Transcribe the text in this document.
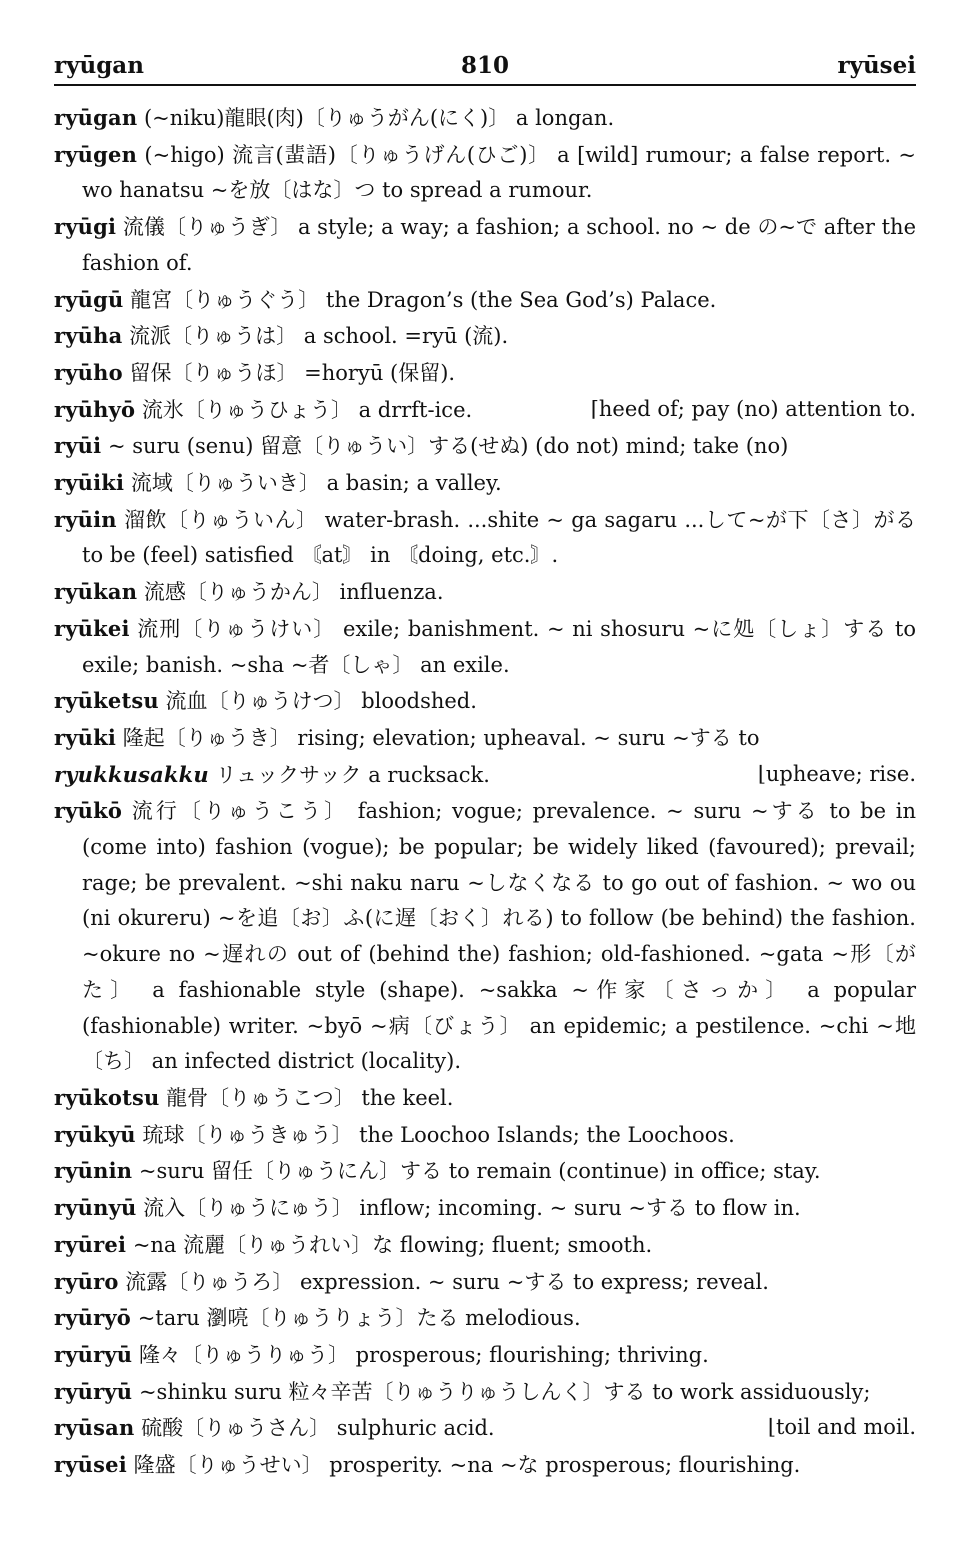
ryūgan	810	ryūsei

ryūgan (~niku)龍眼(肉)〔りゅうがん(にく)〕 a longan.

ryūgen (~higo) 流言(蜚語)〔りゅうげん(ひご)〕 a [wild] rumour; a false report. ~ wo hanatsu ~を放〔はな〕つ to spread a rumour.

ryūgi 流儀〔りゅうぎ〕 a style; a way; a fashion; a school. no ~ de の~で after the fashion of.

ryūgū 龍宮〔りゅうぐう〕 the Dragon’s (the Sea God’s) Palace.

ryūha 流派〔りゅうは〕 a school. =ryū (流).

ryūho 留保〔りゅうほ〕 =horyū (保留).

⌈heed of; pay (no) attention to.
ryūhyō 流氷〔りゅうひょう〕 a drrft-ice.

ryūi ~ suru (senu) 留意〔りゅうい〕する(せぬ) (do not) mind; take (no)

ryūiki 流域〔りゅういき〕 a basin; a valley.

ryūin 溜飲〔りゅういん〕 water-brash. ...shite ~ ga sagaru ...して~が下〔さ〕がる to be (feel) satisfied 〘at〙 in 〘doing, etc.〙.

ryūkan 流感〔りゅうかん〕 influenza.

ryūkei 流刑〔りゅうけい〕 exile; banishment. ~ ni shosuru ~に処〔しょ〕する to exile; banish. ~sha ~者〔しゃ〕 an exile.

ryūketsu 流血〔りゅうけつ〕 bloodshed.

ryūki 隆起〔りゅうき〕 rising; elevation; upheaval. ~ suru ~する to

⌊upheave; rise.
ryukkusakku リュックサック a rucksack.

ryūkō 流行〔りゅうこう〕 fashion; vogue; prevalence. ~ suru ~する to be in (come into) fashion (vogue); be popular; be widely liked (favoured); prevail; rage; be prevalent. ~shi naku naru ~しなくなる to go out of fashion. ~ wo ou (ni okureru) ~を追〔お〕ふ(に遅〔おく〕れる) to follow (be behind) the fashion. ~okure no ~遅れの out of (behind the) fashion; old-fashioned. ~gata ~形〔がた〕 a fashionable style (shape). ~sakka ~作家〔さっか〕 a popular (fashionable) writer. ~byō ~病〔びょう〕 an epidemic; a pestilence. ~chi ~地〔ち〕 an infected district (locality).

ryūkotsu 龍骨〔りゅうこつ〕 the keel.

ryūkyū 琉球〔りゅうきゅう〕 the Loochoo Islands; the Loochoos.

ryūnin ~suru 留任〔りゅうにん〕する to remain (continue) in office; stay.

ryūnyū 流入〔りゅうにゅう〕 inflow; incoming. ~ suru ~する to flow in.

ryūrei ~na 流麗〔りゅうれい〕な flowing; fluent; smooth.

ryūro 流露〔りゅうろ〕 expression. ~ suru ~する to express; reveal.

ryūryō ~taru 瀏喨〔りゅうりょう〕たる melodious.

ryūryū 隆々〔りゅうりゅう〕 prosperous; flourishing; thriving.

ryūryū ~shinku suru 粒々辛苦〔りゅうりゅうしんく〕する to work assiduously;

⌊toil and moil.
ryūsan 硫酸〔りゅうさん〕 sulphuric acid.

ryūsei 隆盛〔りゅうせい〕 prosperity. ~na ~な prosperous; flourishing.
